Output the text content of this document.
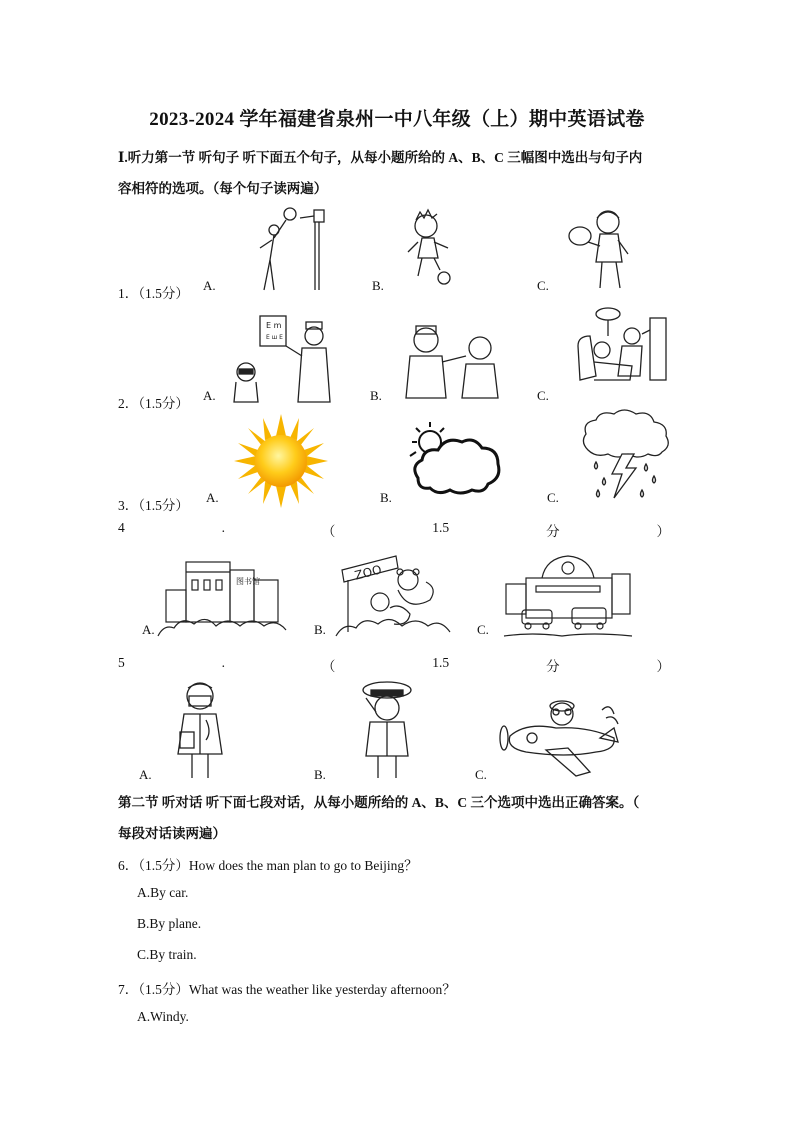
2023-2024 学年福建省泉州一中八年级（上）期中英语试卷
Ⅰ.听力第一节 听句子 听下面五个句子，从每小题所给的 A、B、C 三幅图中选出与句子内
容相符的选项。（每个句子读两遍）
1．（1.5分）
A.	B.	C.
2．（1.5分）
A.	B.	C.
E m
E ш E
3．（1.5分）
A.	B.	C.
4	.	（	1.5	分	）
A.	B.	C.
图书馆	ZOO
5	.	（	1.5	分	）
A.	B.	C.
第二节 听对话 听下面七段对话，从每小题所给的 A、B、C 三个选项中选出正确答案。（
每段对话读两遍）
6．（1.5分）How does the man plan to go to Beijing？
A.By car.
B.By plane.
C.By train.
7．（1.5分）What was the weather like yesterday afternoon？
A.Windy.
